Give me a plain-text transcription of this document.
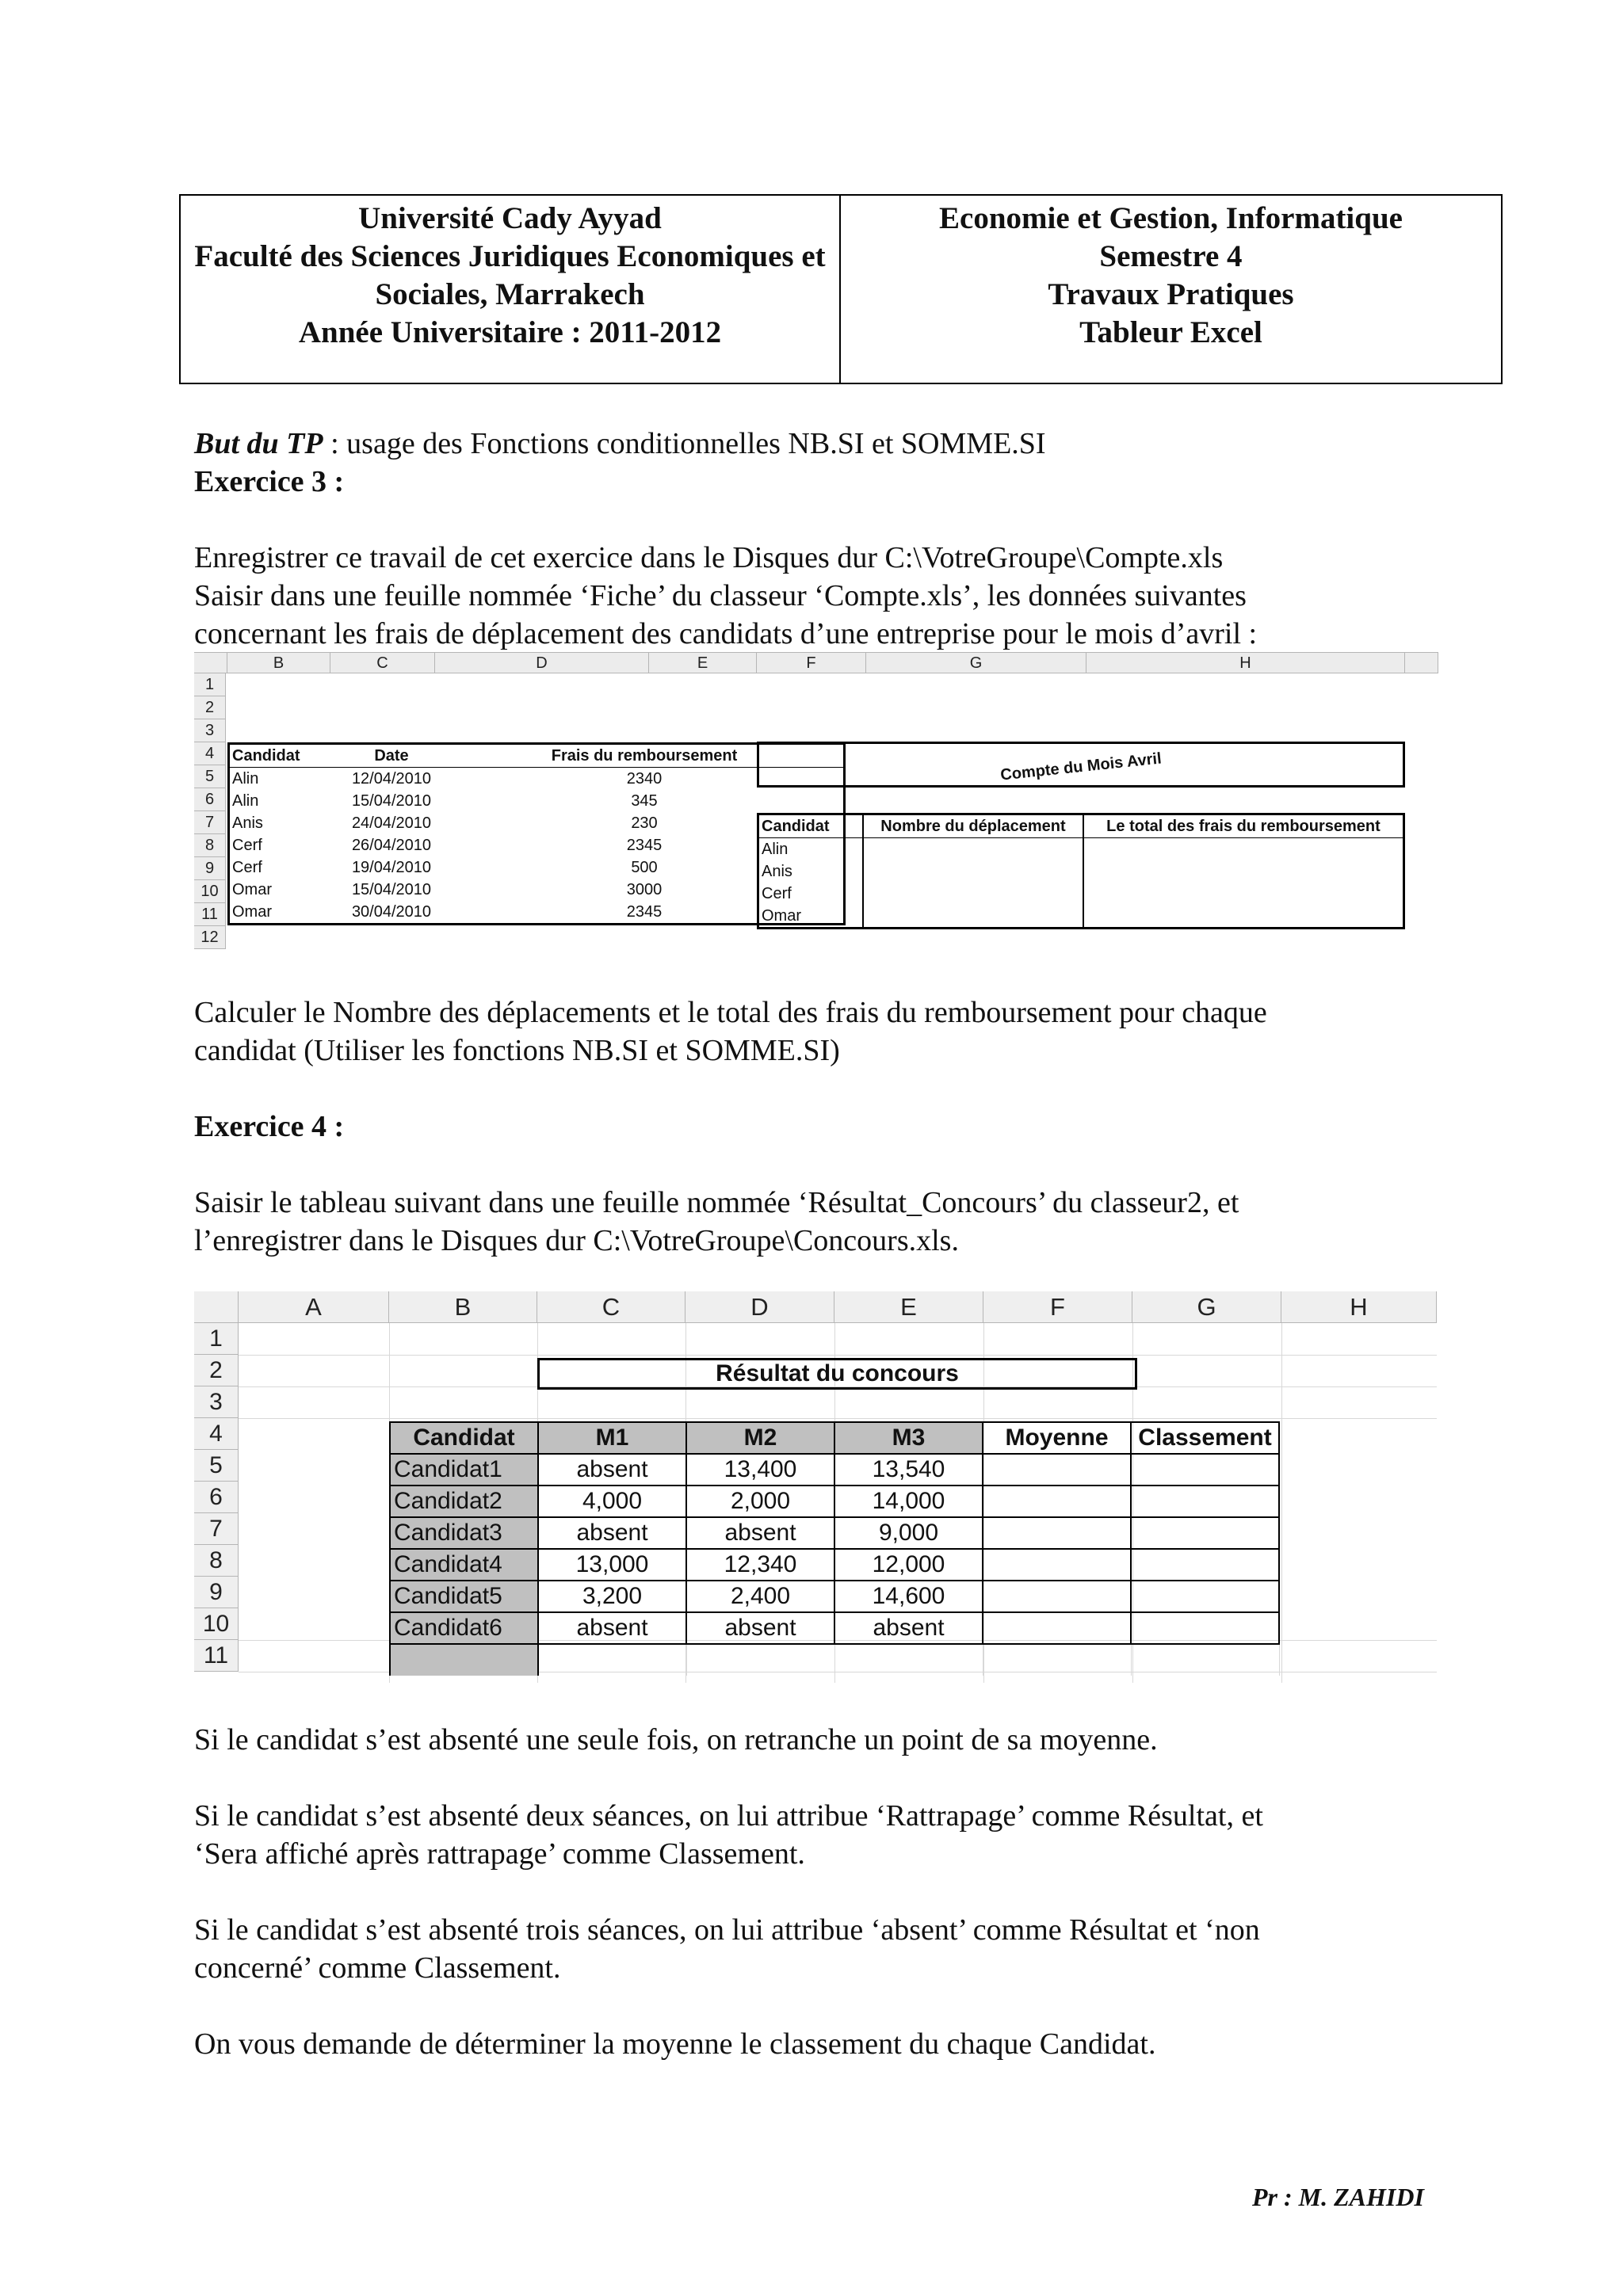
Université Cady Ayyad
Faculté des Sciences Juridiques Economiques et Sociales, Marrakech
Année Universitaire : 2011-2012
Economie et Gestion, Informatique
Semestre 4
Travaux Pratiques
Tableur Excel
But du TP : usage des Fonctions conditionnelles NB.SI et SOMME.SI
Exercice 3 :
Enregistrer ce travail de cet exercice dans le Disques dur C:\VotreGroupe\Compte.xls
Saisir dans une feuille nommée ‘Fiche’ du classeur ‘Compte.xls’, les données suivantes
concernant les frais de déplacement des candidats d’une entreprise pour le mois d’avril :
B	C	D	E	F	G	H
1
2
3
4
5
6
7
8
9
10
11
12
Candidat	Date	Frais du remboursement
Alin	12/04/2010	2340
Alin	15/04/2010	345
Anis	24/04/2010	230
Cerf	26/04/2010	2345
Cerf	19/04/2010	500
Omar	15/04/2010	3000
Omar	30/04/2010	2345
Compte du Mois Avril
Candidat	Nombre du déplacement	Le total des frais du remboursement
Alin		
Anis		
Cerf		
Omar		
Calculer le Nombre des déplacements et le total des frais du remboursement pour chaque
candidat (Utiliser les fonctions NB.SI et SOMME.SI)
Exercice 4 :
Saisir le tableau suivant dans une feuille nommée ‘Résultat_Concours’ du classeur2, et
l’enregistrer dans le Disques dur C:\VotreGroupe\Concours.xls.
A	B	C	D	E	F	G	H
1
2
3
4
5
6
7
8
9
10
11
Résultat du concours
Candidat	M1	M2	M3	Moyenne	Classement
Candidat1	absent	13,400	13,540		
Candidat2	4,000	2,000	14,000		
Candidat3	absent	absent	9,000		
Candidat4	13,000	12,340	12,000		
Candidat5	3,200	2,400	14,600		
Candidat6	absent	absent	absent		

Si le candidat s’est absenté une seule fois, on retranche un point de sa moyenne.
Si le candidat s’est absenté deux séances, on lui attribue ‘Rattrapage’ comme Résultat, et
‘Sera affiché après rattrapage’ comme Classement.
Si le candidat s’est absenté trois séances, on lui attribue ‘absent’ comme Résultat et ‘non
concerné’ comme Classement.
On vous demande de déterminer la moyenne le classement du chaque Candidat.
Pr : M. ZAHIDI
